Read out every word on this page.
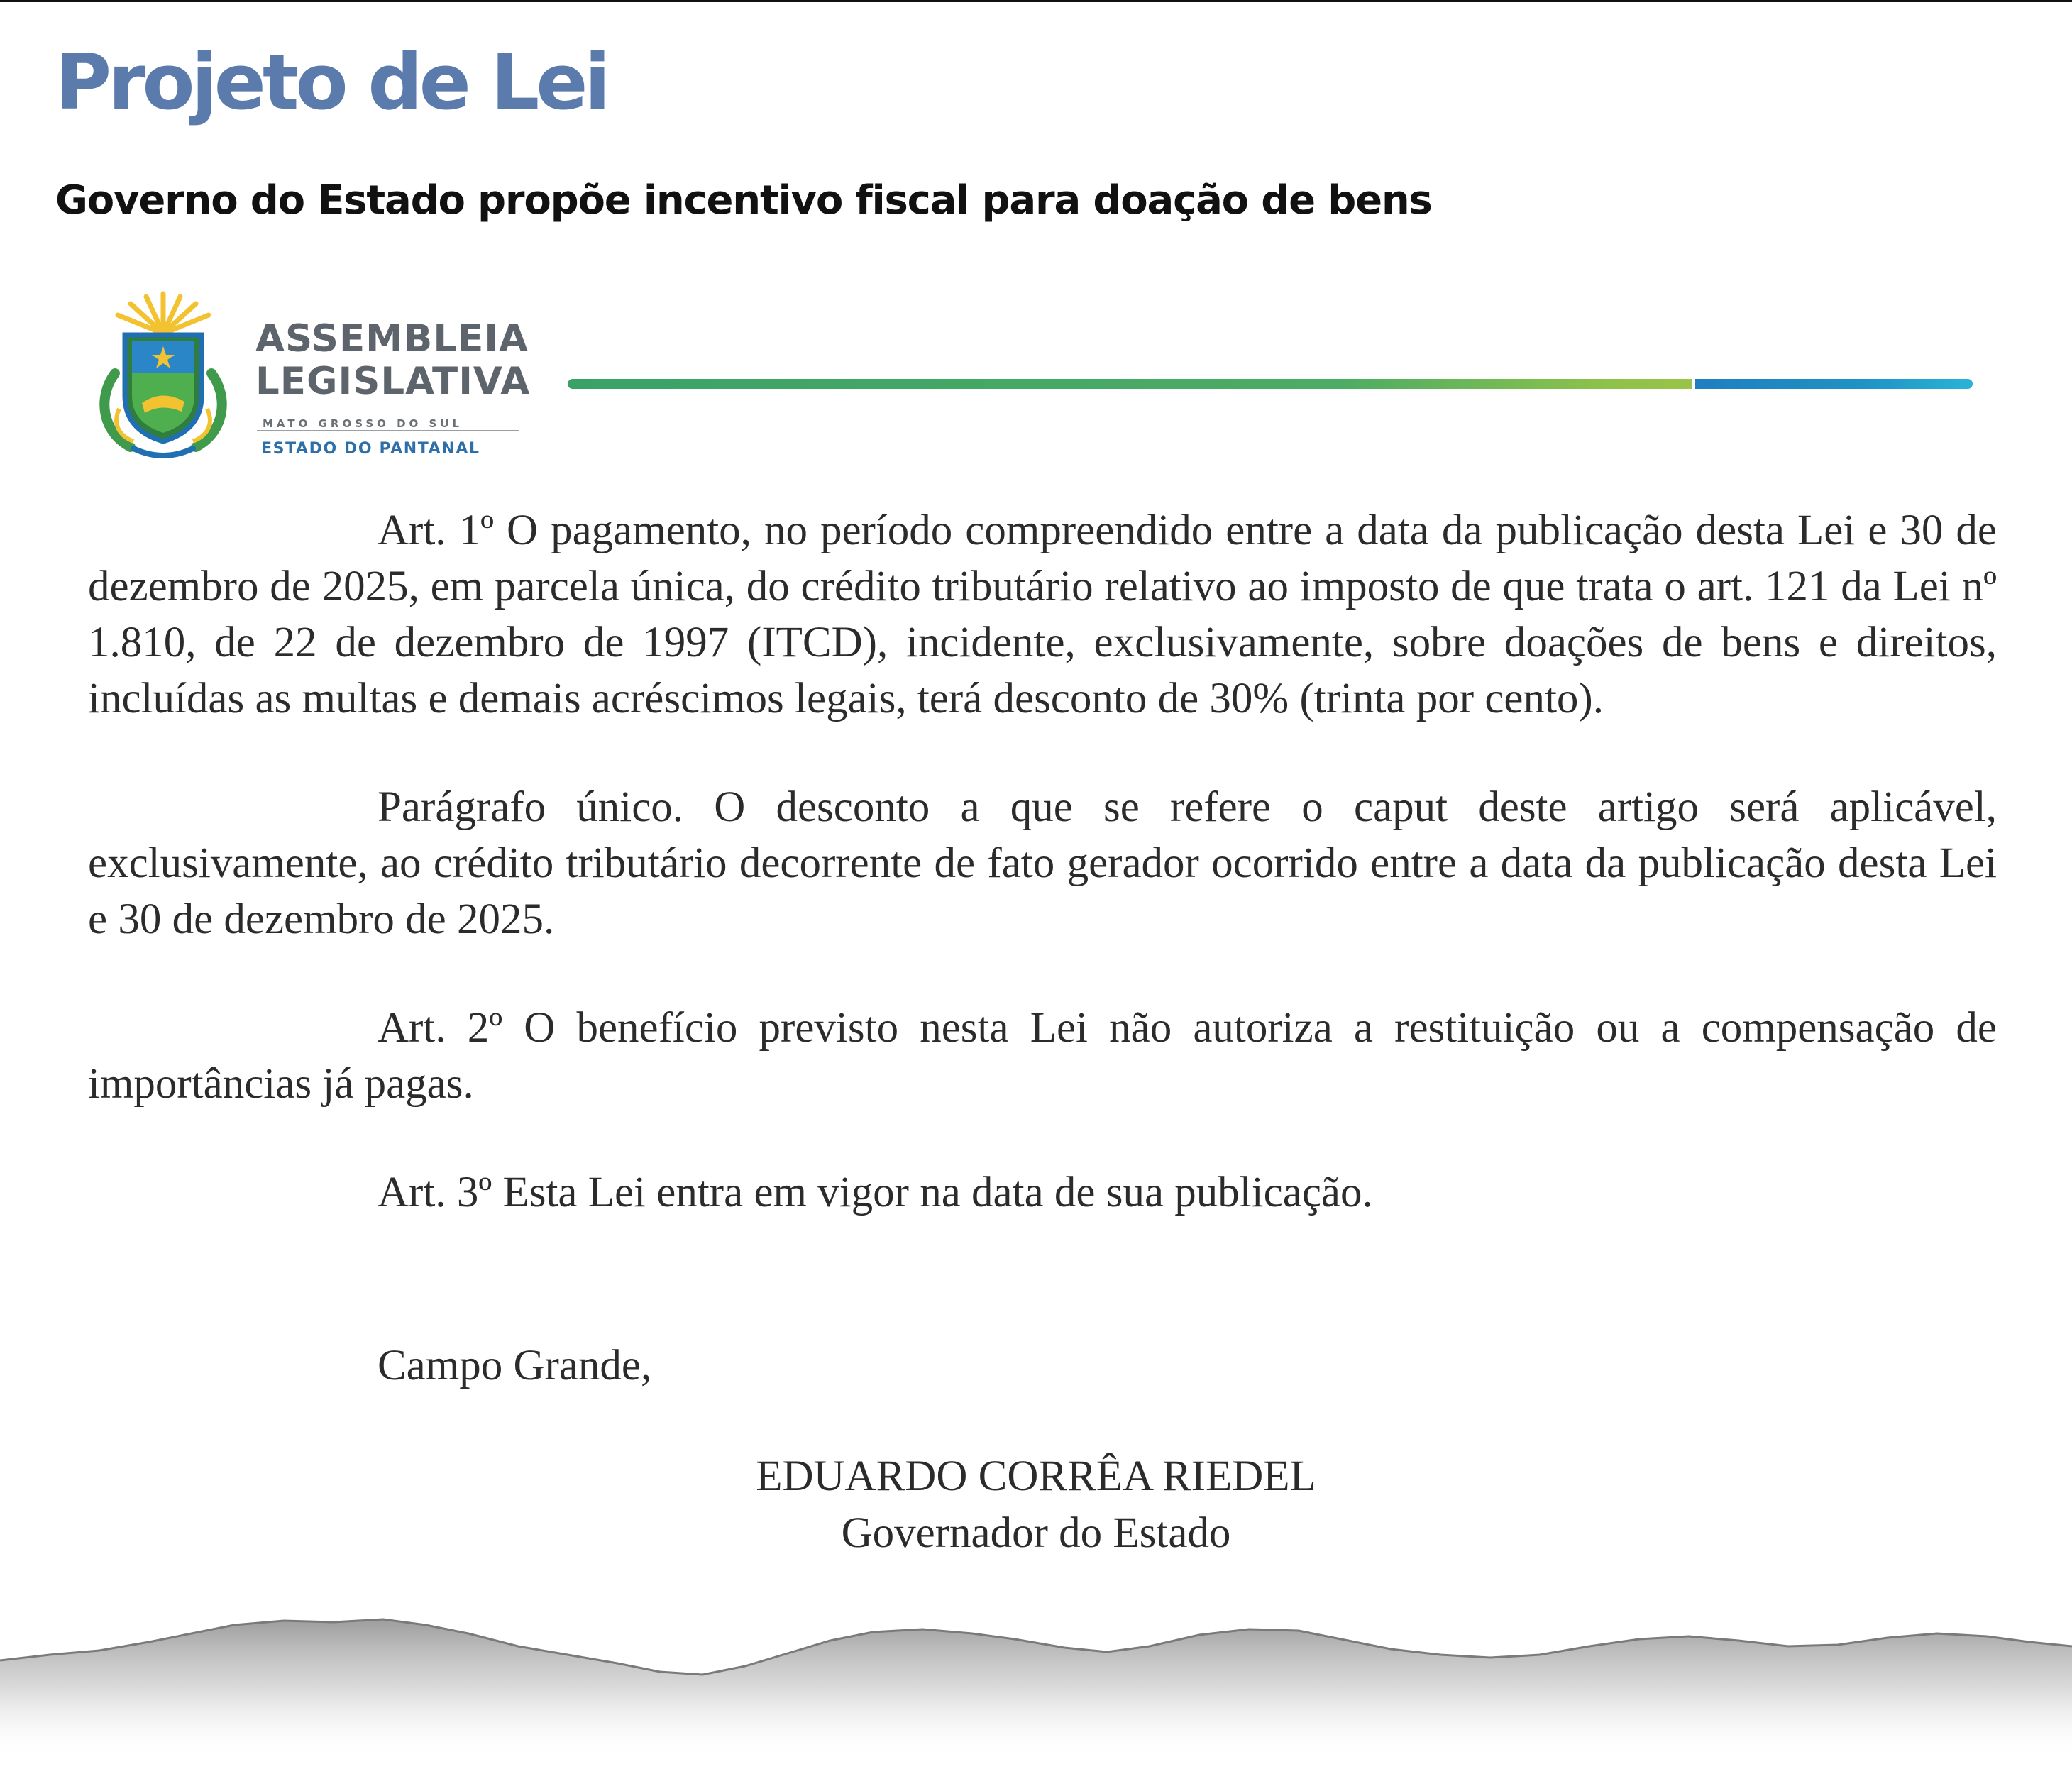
Projeto de Lei
Governo do Estado propõe incentivo fiscal para doação de bens
ASSEMBLEIA
LEGISLATIVA
MATO GROSSO DO SUL
ESTADO DO PANTANAL

Art. 1º O pagamento, no período compreendido entre a data da publicação desta Lei e 30 de dezembro de 2025, em parcela única, do crédito tributário relativo ao imposto de que trata o art. 121 da Lei nº 1.810, de 22 de dezembro de 1997 (ITCD), incidente, exclusivamente, sobre doações de bens e direitos, incluídas as multas e demais acréscimos legais, terá desconto de 30% (trinta por cento).

Parágrafo único. O desconto a que se refere o caput deste artigo será aplicável, exclusivamente, ao crédito tributário decorrente de fato gerador ocorrido entre a data da publicação desta Lei e 30 de dezembro de 2025.

Art. 2º O benefício previsto nesta Lei não autoriza a restituição ou a compensação de importâncias já pagas.

Art. 3º Esta Lei entra em vigor na data de sua publicação.

Campo Grande,
EDUARDO CORRÊA RIEDEL
Governador do Estado
